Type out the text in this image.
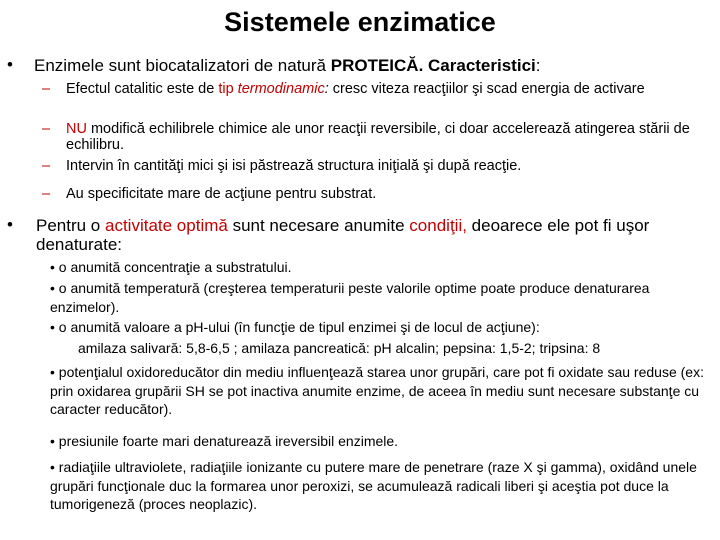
Sistemele enzimatice
• Enzimele sunt biocatalizatori de natură PROTEICĂ. Caracteristici:
– Efectul catalitic este de tip termodinamic: cresc viteza reacţiilor şi scad energia de activare
– NU modifică echilibrele chimice ale unor reacţii reversibile, ci doar accelerează atingerea stării de echilibru.
– Intervin în cantităţi mici şi isi păstrează structura iniţială şi după reacţie.
– Au specificitate mare de acţiune pentru substrat.
• Pentru o activitate optimă sunt necesare anumite condiţii, deoarece ele pot fi uşor denaturate:
• o anumită concentraţie a substratului.
• o anumită temperatură (creşterea temperaturii peste valorile optime poate produce denaturarea enzimelor).
• o anumită valoare a pH-ului (în funcţie de tipul enzimei şi de locul de acţiune):
amilaza salivară: 5,8-6,5 ; amilaza pancreatică: pH alcalin; pepsina: 1,5-2; tripsina: 8
• potenţialul oxidoreducător din mediu influenţează starea unor grupări, care pot fi oxidate sau reduse (ex: prin oxidarea grupării SH se pot inactiva anumite enzime, de aceea în mediu sunt necesare substanţe cu caracter reducător).
• presiunile foarte mari denaturează ireversibil enzimele.
• radiaţiile ultraviolete, radiaţiile ionizante cu putere mare de penetrare (raze X şi gamma), oxidând unele grupări funcţionale duc la formarea unor peroxizi, se acumulează radicali liberi şi aceştia pot duce la tumorigeneză (proces neoplazic).
